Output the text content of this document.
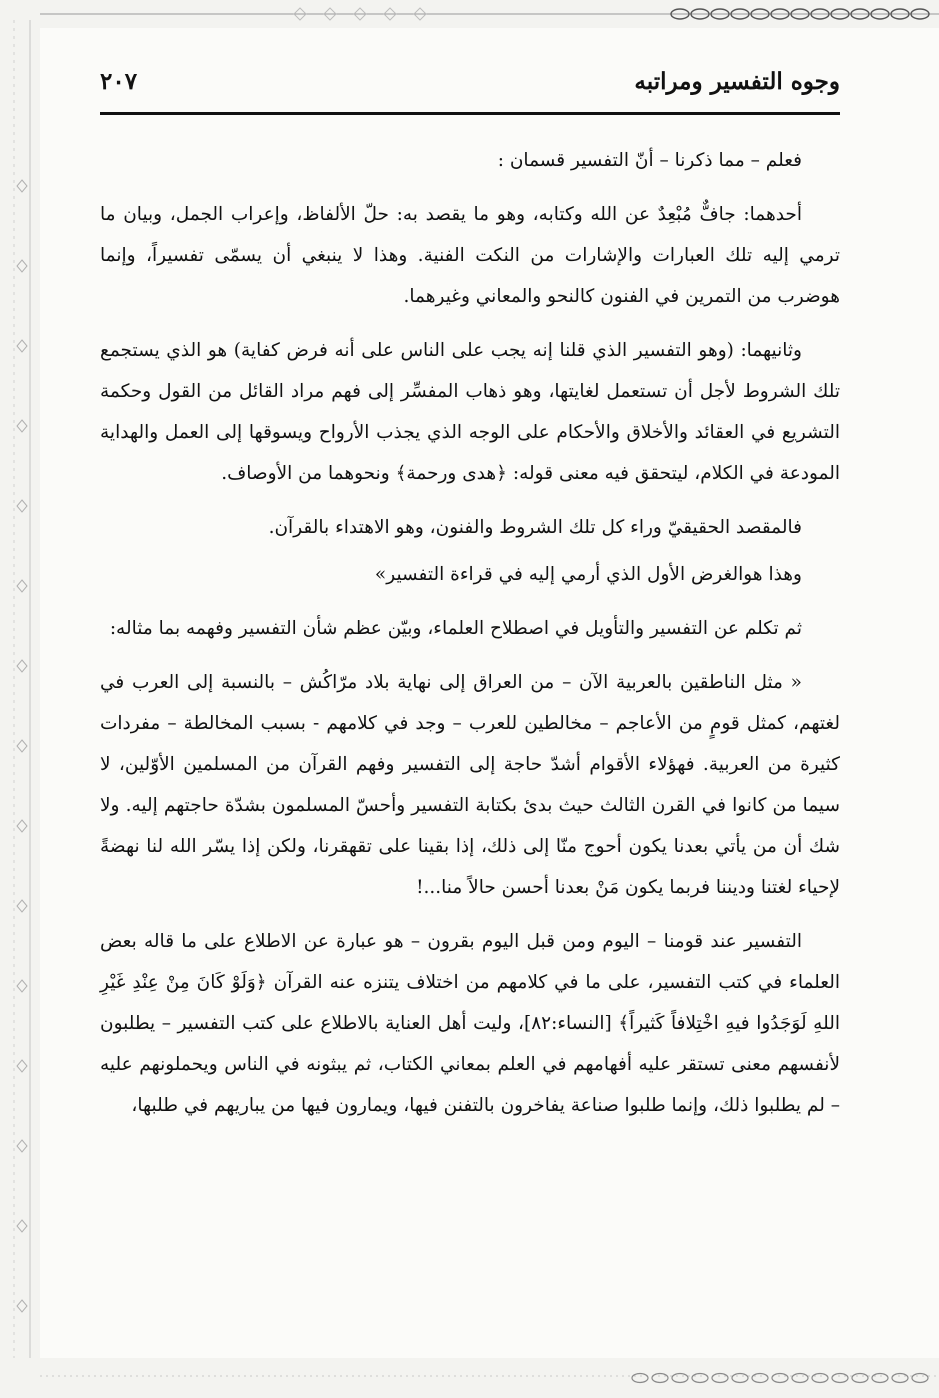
وجوه التفسير ومراتبه
٢٠٧

فعلم – مما ذكرنا – أنّ التفسير قسمان :

أحدهما: جافٌّ مُبْعِدٌ عن الله وكتابه، وهو ما يقصد به: حلّ الألفاظ، وإعراب الجمل، وبيان ما ترمي إليه تلك العبارات والإشارات من النكت الفنية. وهذا لا ينبغي أن يسمّى تفسيراً، وإنما هوضرب من التمرين في الفنون كالنحو والمعاني وغيرهما.

وثانيهما: (وهو التفسير الذي قلنا إنه يجب على الناس على أنه فرض كفاية) هو الذي يستجمع تلك الشروط لأجل أن تستعمل لغايتها، وهو ذهاب المفسِّر إلى فهم مراد القائل من القول وحكمة التشريع في العقائد والأخلاق والأحكام على الوجه الذي يجذب الأرواح ويسوقها إلى العمل والهداية المودعة في الكلام، ليتحقق فيه معنى قوله: ﴿هدى ورحمة﴾ ونحوهما من الأوصاف.

فالمقصد الحقيقيّ وراء كل تلك الشروط والفنون، وهو الاهتداء بالقرآن.

وهذا هوالغرض الأول الذي أرمي إليه في قراءة التفسير»

ثم تكلم عن التفسير والتأويل في اصطلاح العلماء، وبيّن عظم شأن التفسير وفهمه بما مثاله:

« مثل الناطقين بالعربية الآن – من العراق إلى نهاية بلاد مرّاكُش – بالنسبة إلى العرب في لغتهم، كمثل قومٍ من الأعاجم – مخالطين للعرب – وجد في كلامهم - بسبب المخالطة – مفردات كثيرة من العربية. فهؤلاء الأقوام أشدّ حاجة إلى التفسير وفهم القرآن من المسلمين الأوّلين، لا سيما من كانوا في القرن الثالث حيث بدئ بكتابة التفسير وأحسّ المسلمون بشدّة حاجتهم إليه. ولا شك أن من يأتي بعدنا يكون أحوج منّا إلى ذلك، إذا بقينا على تقهقرنا، ولكن إذا يسّر الله لنا نهضةً لإحياء لغتنا وديننا فربما يكون مَنْ بعدنا أحسن حالاً منا...!

التفسير عند قومنا – اليوم ومن قبل اليوم بقرون – هو عبارة عن الاطلاع على ما قاله بعض العلماء في كتب التفسير، على ما في كلامهم من اختلاف يتنزه عنه القرآن ﴿وَلَوْ كَانَ مِنْ عِنْدِ غَيْرِ اللهِ لَوَجَدُوا فيهِ اخْتِلافاً كَثيراً﴾ [النساء:٨٢]، وليت أهل العناية بالاطلاع على كتب التفسير – يطلبون لأنفسهم معنى تستقر عليه أفهامهم في العلم بمعاني الكتاب، ثم يبثونه في الناس ويحملونهم عليه – لم يطلبوا ذلك، وإنما طلبوا صناعة يفاخرون بالتفنن فيها، ويمارون فيها من يباريهم في طلبها،
